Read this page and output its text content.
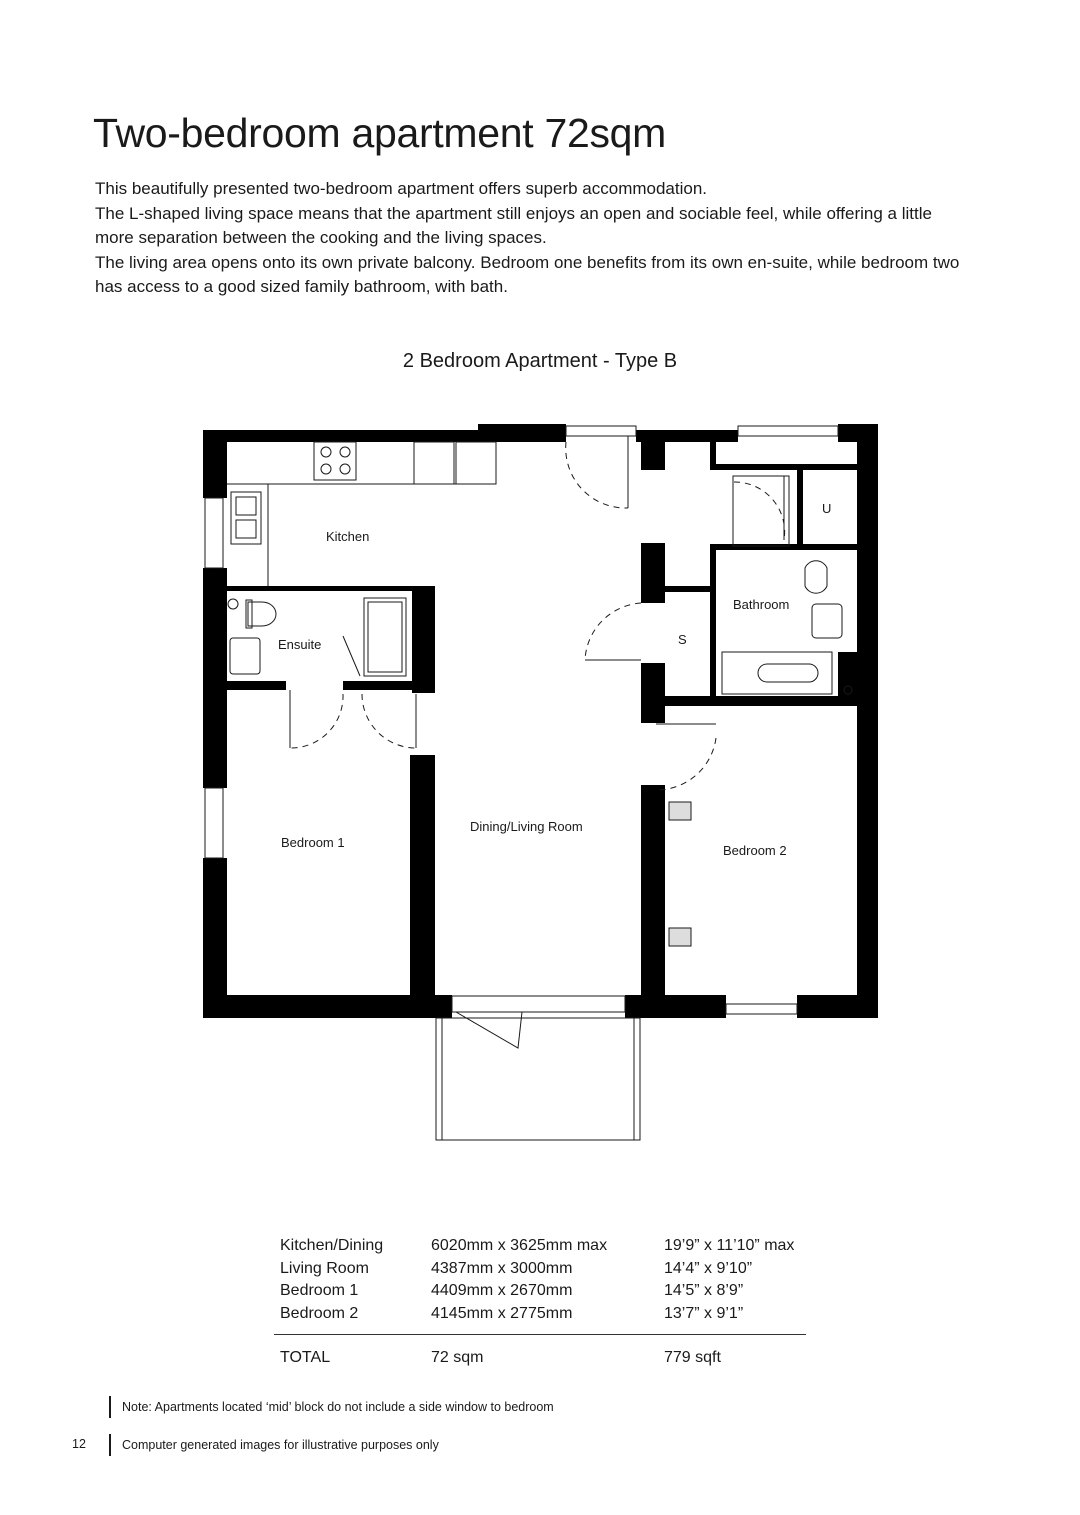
Two-bedroom apartment 72sqm

This beautifully presented two-bedroom apartment offers superb accommodation.

The L-shaped living space means that the apartment still enjoys an open and sociable feel, while offering a little more separation between the cooking and the living spaces.

The living area opens onto its own private balcony. Bedroom one benefits from its own en-suite, while bedroom two has access to a good sized family bathroom, with bath.

2 Bedroom Apartment - Type B
Kitchen
Ensuite
Bathroom
S
U
Bedroom 1
Dining/Living Room
Bedroom 2
Kitchen/Dining	6020mm x 3625mm max	19’9” x 11’10” max
Living Room	4387mm x 3000mm	14’4” x 9’10”
Bedroom 1	4409mm x 2670mm	14’5” x 8’9”
Bedroom 2	4145mm x 2775mm	13’7” x 9’1”

TOTAL	72 sqm	779 sqft
Note: Apartments located ‘mid’ block do not include a side window to bedroom
12	Computer generated images for illustrative purposes only
